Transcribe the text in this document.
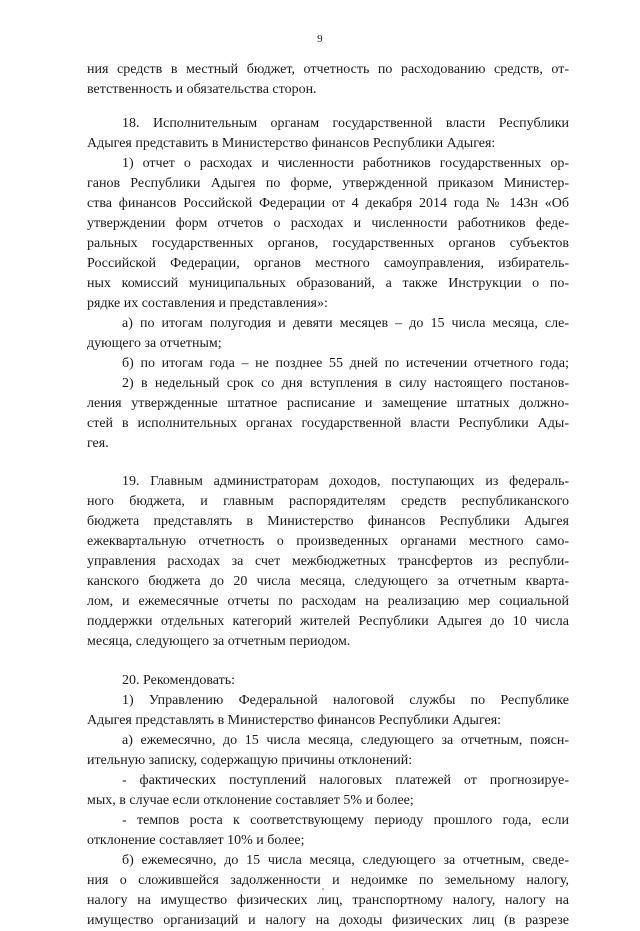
9
ния средств в местный бюджет, отчетность по расходованию средств, от-
ветственность и обязательства сторон.
18. Исполнительным органам государственной власти Республики
Адыгея представить в Министерство финансов Республики Адыгея:
1) отчет о расходах и численности работников государственных ор-
ганов Республики Адыгея по форме, утвержденной приказом Министер-
ства финансов Российской Федерации от 4 декабря 2014 года № 143н «Об
утверждении форм отчетов о расходах и численности работников феде-
ральных государственных органов, государственных органов субъектов
Российской Федерации, органов местного самоуправления, избиратель-
ных комиссий муниципальных образований, а также Инструкции о по-
рядке их составления и представления»:
а) по итогам полугодия и девяти месяцев – до 15 числа месяца, сле-
дующего за отчетным;
б) по итогам года – не позднее 55 дней по истечении отчетного года;
2) в недельный срок со дня вступления в силу настоящего постанов-
ления утвержденные штатное расписание и замещение штатных должно-
стей в исполнительных органах государственной власти Республики Ады-
гея.
19. Главным администраторам доходов, поступающих из федераль-
ного бюджета, и главным распорядителям средств республиканского
бюджета представлять в Министерство финансов Республики Адыгея
ежеквартальную отчетность о произведенных органами местного само-
управления расходах за счет межбюджетных трансфертов из республи-
канского бюджета до 20 числа месяца, следующего за отчетным кварта-
лом, и ежемесячные отчеты по расходам на реализацию мер социальной
поддержки отдельных категорий жителей Республики Адыгея до 10 числа
месяца, следующего за отчетным периодом.
20. Рекомендовать:
1) Управлению Федеральной налоговой службы по Республике
Адыгея представлять в Министерство финансов Республики Адыгея:
а) ежемесячно, до 15 числа месяца, следующего за отчетным, поясн-
ительную записку, содержащую причины отклонений:
- фактических поступлений налоговых платежей от прогнозируе-
мых, в случае если отклонение составляет 5% и более;
- темпов роста к соответствующему периоду прошлого года, если
отклонение составляет 10% и более;
б) ежемесячно, до 15 числа месяца, следующего за отчетным, сведе-
ния о сложившейся задолженности и недоимке по земельному налогу,
налогу на имущество физических лиц, транспортному налогу, налогу на
имущество организаций и налогу на доходы физических лиц (в разрезе
